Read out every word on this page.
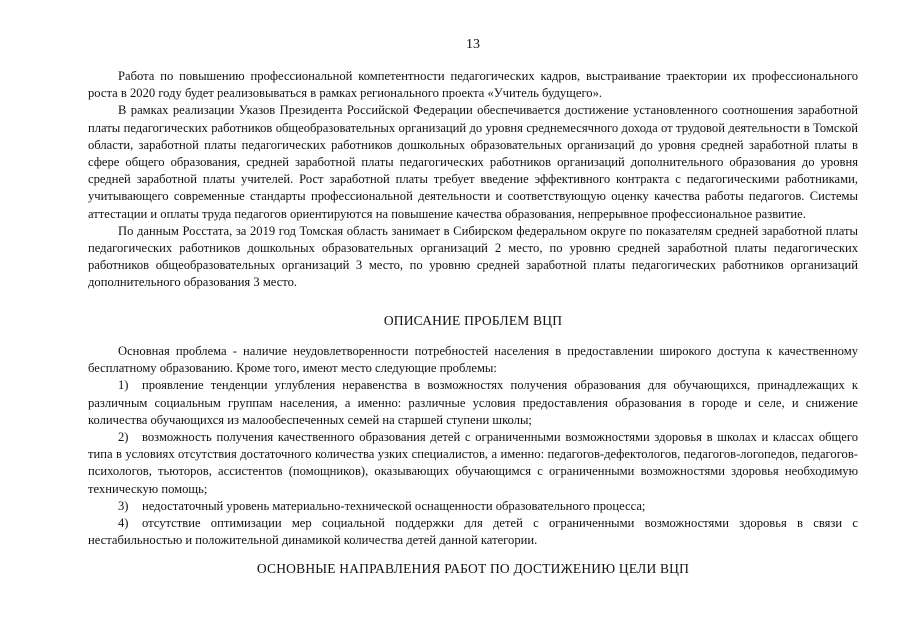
13

Работа по повышению профессиональной компетентности педагогических кадров, выстраивание траектории их профессионального роста в 2020 году будет реализовываться в рамках регионального проекта «Учитель будущего».

В рамках реализации Указов Президента Российской Федерации обеспечивается достижение установленного соотношения заработной платы педагогических работников общеобразовательных организаций до уровня среднемесячного дохода от трудовой деятельности в Томской области, заработной платы педагогических работников дошкольных образовательных организаций до уровня средней заработной платы в сфере общего образования, средней заработной платы педагогических работников организаций дополнительного образования до уровня средней заработной платы учителей. Рост заработной платы требует введение эффективного контракта с педагогическими работниками, учитывающего современные стандарты профессиональной деятельности и соответствующую оценку качества работы педагогов. Системы аттестации и оплаты труда педагогов ориентируются на повышение качества образования, непрерывное профессиональное развитие.

По данным Росстата, за 2019 год Томская область занимает в Сибирском федеральном округе по показателям средней заработной платы педагогических работников дошкольных образовательных организаций 2 место, по уровню средней заработной платы педагогических работников общеобразовательных организаций 3 место, по уровню средней заработной платы педагогических работников организаций дополнительного образования 3 место.

ОПИСАНИЕ ПРОБЛЕМ ВЦП

Основная проблема - наличие неудовлетворенности потребностей населения в предоставлении широкого доступа к качественному бесплатному образованию. Кроме того, имеют место следующие проблемы:

1) проявление тенденции углубления неравенства в возможностях получения образования для обучающихся, принадлежащих к различным социальным группам населения, а именно: различные условия предоставления образования в городе и селе, и снижение количества обучающихся из малообеспеченных семей на старшей ступени школы;

2) возможность получения качественного образования детей с ограниченными возможностями здоровья в школах и классах общего типа в условиях отсутствия достаточного количества узких специалистов, а именно: педагогов-дефектологов, педагогов-логопедов, педагогов-психологов, тьюторов, ассистентов (помощников), оказывающих обучающимся с ограниченными возможностями здоровья необходимую техническую помощь;

3) недостаточный уровень материально-технической оснащенности образовательного процесса;

4) отсутствие оптимизации мер социальной поддержки для детей с ограниченными возможностями здоровья в связи с нестабильностью и положительной динамикой количества детей данной категории.

ОСНОВНЫЕ НАПРАВЛЕНИЯ РАБОТ ПО ДОСТИЖЕНИЮ ЦЕЛИ ВЦП
